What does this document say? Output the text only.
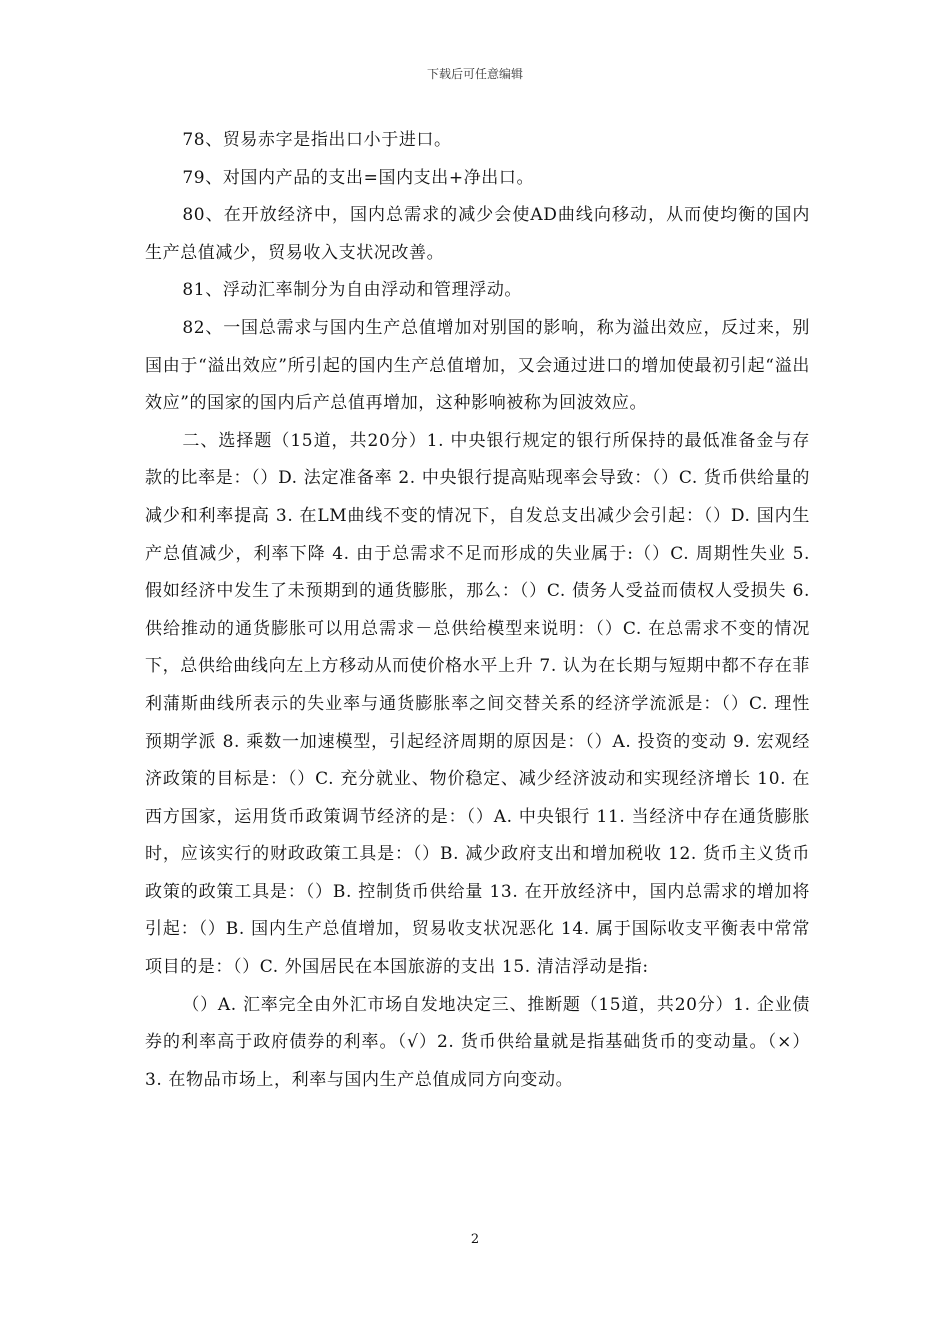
下载后可任意编辑

78、贸易赤字是指出口小于进口。

79、对国内产品的支出=国内支出+净出口。

80、在开放经济中，国内总需求的减少会使AD曲线向移动，从而使均衡的国内生产总值减少，贸易收入支状况改善。

81、浮动汇率制分为自由浮动和管理浮动。

82、一国总需求与国内生产总值增加对别国的影响，称为溢出效应，反过来，别国由于“溢出效应”所引起的国内生产总值增加，又会通过进口的增加使最初引起“溢出效应”的国家的国内后产总值再增加，这种影响被称为回波效应。

二、选择题（15道，共20分）1. 中央银行规定的银行所保持的最低准备金与存款的比率是：（）D. 法定准备率 2. 中央银行提高贴现率会导致：（）C. 货币供给量的减少和利率提高 3. 在LM曲线不变的情况下，自发总支出减少会引起：（）D. 国内生产总值减少，利率下降 4. 由于总需求不足而形成的失业属于:（）C. 周期性失业 5. 假如经济中发生了未预期到的通货膨胀，那么：（）C. 债务人受益而债权人受损失 6. 供给推动的通货膨胀可以用总需求－总供给模型来说明：（）C. 在总需求不变的情况下，总供给曲线向左上方移动从而使价格水平上升 7. 认为在长期与短期中都不存在菲利蒲斯曲线所表示的失业率与通货膨胀率之间交替关系的经济学流派是：（）C. 理性预期学派 8. 乘数一加速模型，引起经济周期的原因是：（）A. 投资的变动 9. 宏观经济政策的目标是：（）C. 充分就业、物价稳定、减少经济波动和实现经济增长 10. 在西方国家，运用货币政策调节经济的是：（）A. 中央银行 11. 当经济中存在通货膨胀时，应该实行的财政政策工具是：（）B. 减少政府支出和增加税收 12. 货币主义货币政策的政策工具是：（）B. 控制货币供给量 13. 在开放经济中，国内总需求的增加将引起：（）B. 国内生产总值增加，贸易收支状况恶化 14. 属于国际收支平衡表中常常项目的是：（）C. 外国居民在本国旅游的支出 15. 清洁浮动是指:

（）A. 汇率完全由外汇市场自发地决定三、推断题（15道，共20分）1. 企业债券的利率高于政府债券的利率。（√）2. 货币供给量就是指基础货币的变动量。（×）3. 在物品市场上，利率与国内生产总值成同方向变动。

2
